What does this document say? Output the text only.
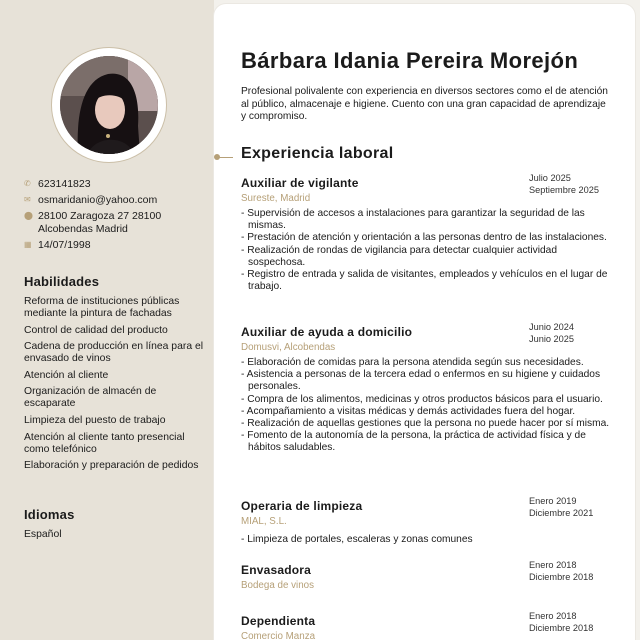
✆ 623141823
✉ osmaridanio@yahoo.com
⬤ 28100 Zaragoza 27 28100 Alcobendas Madrid
▦ 14/07/1998
Habilidades
Reforma de instituciones públicas mediante la pintura de fachadas
Control de calidad del producto
Cadena de producción en línea para el envasado de vinos
Atención al cliente
Organización de almacén de escaparate
Limpieza del puesto de trabajo
Atención al cliente tanto presencial como telefónico
Elaboración y preparación de pedidos
Idiomas
Español
Bárbara Idania Pereira Morejón

Profesional polivalente con experiencia en diversos sectores como el de atención al público, almacenaje e higiene. Cuento con una gran capacidad de aprendizaje y compromiso.

Experiencia laboral
Auxiliar de vigilante
Sureste, Madrid
Julio 2025
Septiembre 2025
- Supervisión de accesos a instalaciones para garantizar la seguridad de las mismas.
- Prestación de atención y orientación a las personas dentro de las instalaciones.
- Realización de rondas de vigilancia para detectar cualquier actividad sospechosa.
- Registro de entrada y salida de visitantes, empleados y vehículos en el lugar de trabajo.
Auxiliar de ayuda a domicilio
Domusvi, Alcobendas
Junio 2024
Junio 2025
- Elaboración de comidas para la persona atendida según sus necesidades.
- Asistencia a personas de la tercera edad o enfermos en su higiene y cuidados personales.
- Compra de los alimentos, medicinas y otros productos básicos para el usuario.
- Acompañamiento a visitas médicas y demás actividades fuera del hogar.
- Realización de aquellas gestiones que la persona no puede hacer por sí misma.
- Fomento de la autonomía de la persona, la práctica de actividad física y de hábitos saludables.
Operaria de limpieza
MIAL, S.L.
Enero 2019
Diciembre 2021
- Limpieza de portales, escaleras y zonas comunes
Envasadora
Bodega de vinos
Enero 2018
Diciembre 2018
Dependienta
Comercio Manza
Enero 2018
Diciembre 2018
